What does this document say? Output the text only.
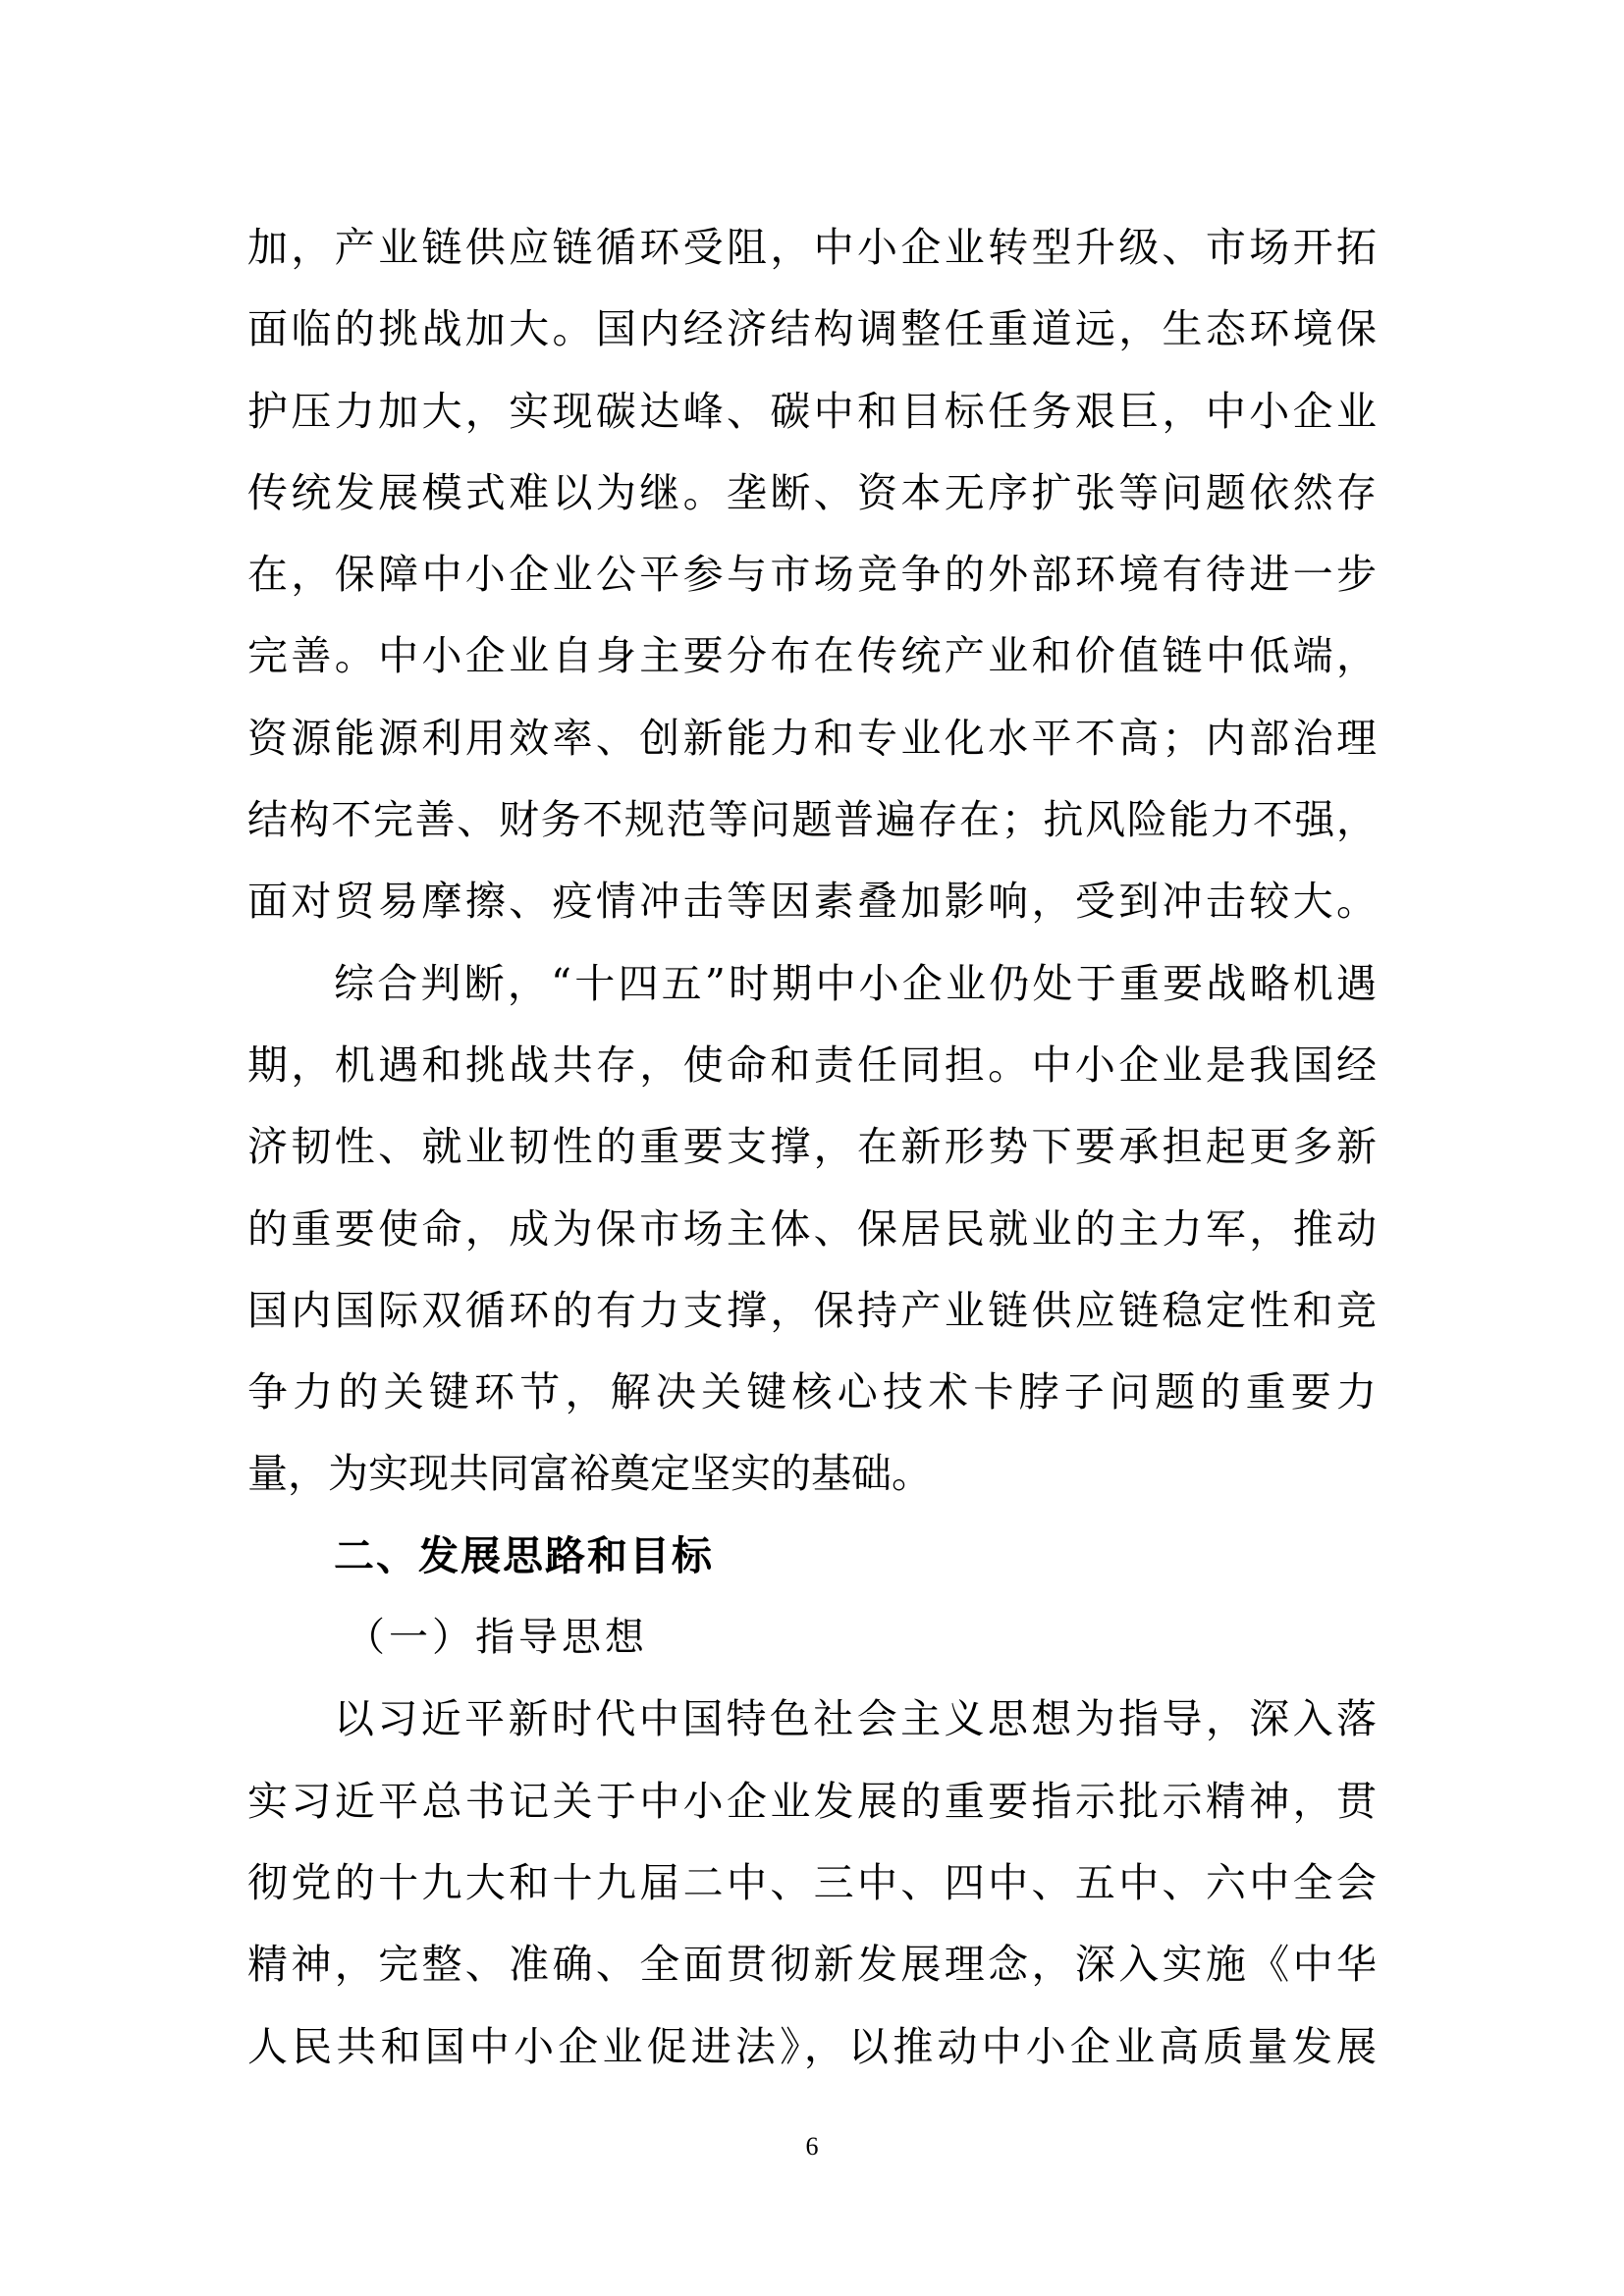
加，产业链供应链循环受阻，中小企业转型升级、市场开拓
面临的挑战加大。国内经济结构调整任重道远，生态环境保
护压力加大，实现碳达峰、碳中和目标任务艰巨，中小企业
传统发展模式难以为继。垄断、资本无序扩张等问题依然存
在，保障中小企业公平参与市场竞争的外部环境有待进一步
完善。中小企业自身主要分布在传统产业和价值链中低端，
资源能源利用效率、创新能力和专业化水平不高；内部治理
结构不完善、财务不规范等问题普遍存在；抗风险能力不强，
面对贸易摩擦、疫情冲击等因素叠加影响，受到冲击较大。
综合判断，“十四五”时期中小企业仍处于重要战略机遇
期，机遇和挑战共存，使命和责任同担。中小企业是我国经
济韧性、就业韧性的重要支撑，在新形势下要承担起更多新
的重要使命，成为保市场主体、保居民就业的主力军，推动
国内国际双循环的有力支撑，保持产业链供应链稳定性和竞
争力的关键环节，解决关键核心技术卡脖子问题的重要力
量，为实现共同富裕奠定坚实的基础。
二、发展思路和目标
（一）指导思想
以习近平新时代中国特色社会主义思想为指导，深入落
实习近平总书记关于中小企业发展的重要指示批示精神，贯
彻党的十九大和十九届二中、三中、四中、五中、六中全会
精神，完整、准确、全面贯彻新发展理念，深入实施《中华
人民共和国中小企业促进法》，以推动中小企业高质量发展
6
